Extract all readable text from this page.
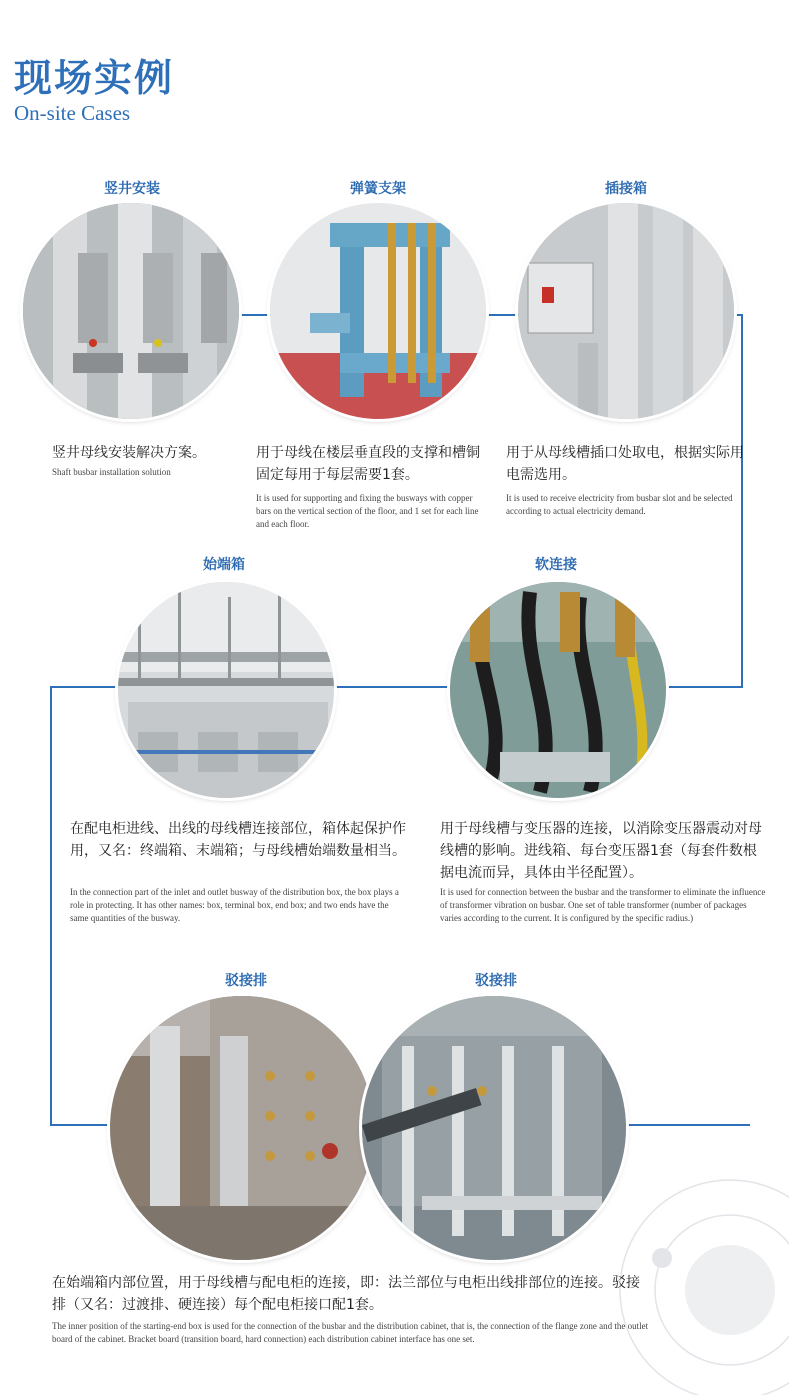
现场实例
On-site Cases
竖井安装	弹簧支架	插接箱
竖井母线安装解决方案。
Shaft busbar installation solution
用于母线在楼层垂直段的支撑和槽铜固定每用于每层需要1套。
It is used for supporting and fixing the busways with copper bars on the vertical section of the floor, and 1 set for each line and each floor.
用于从母线槽插口处取电，根据实际用电需选用。
It is used to receive electricity from busbar slot and be selected according to actual electricity demand.
始端箱	软连接
在配电柜进线、出线的母线槽连接部位，箱体起保护作用，又名：终端箱、末端箱；与母线槽始端数量相当。
In the connection part of the inlet and outlet busway of the distribution box, the box plays a role in protecting. It has other names: box, terminal box, end box; and two ends have the same quantities of the busway.
用于母线槽与变压器的连接，以消除变压器震动对母线槽的影响。进线箱、每台变压器1套（每套件数根据电流而异，具体由半径配置）。
It is used for connection between the busbar and the transformer to eliminate the influence of transformer vibration on busbar. One set of table transformer (number of packages varies according to the current. It is configured by the specific radius.)
驳接排	驳接排
在始端箱内部位置，用于母线槽与配电柜的连接，即：法兰部位与电柜出线排部位的连接。驳接排（又名：过渡排、硬连接）每个配电柜接口配1套。
The inner position of the starting-end box is used for the connection of the busbar and the distribution cabinet, that is, the connection of the flange zone and the outlet board of the cabinet. Bracket board (transition board, hard connection) each distribution cabinet interface has one set.
